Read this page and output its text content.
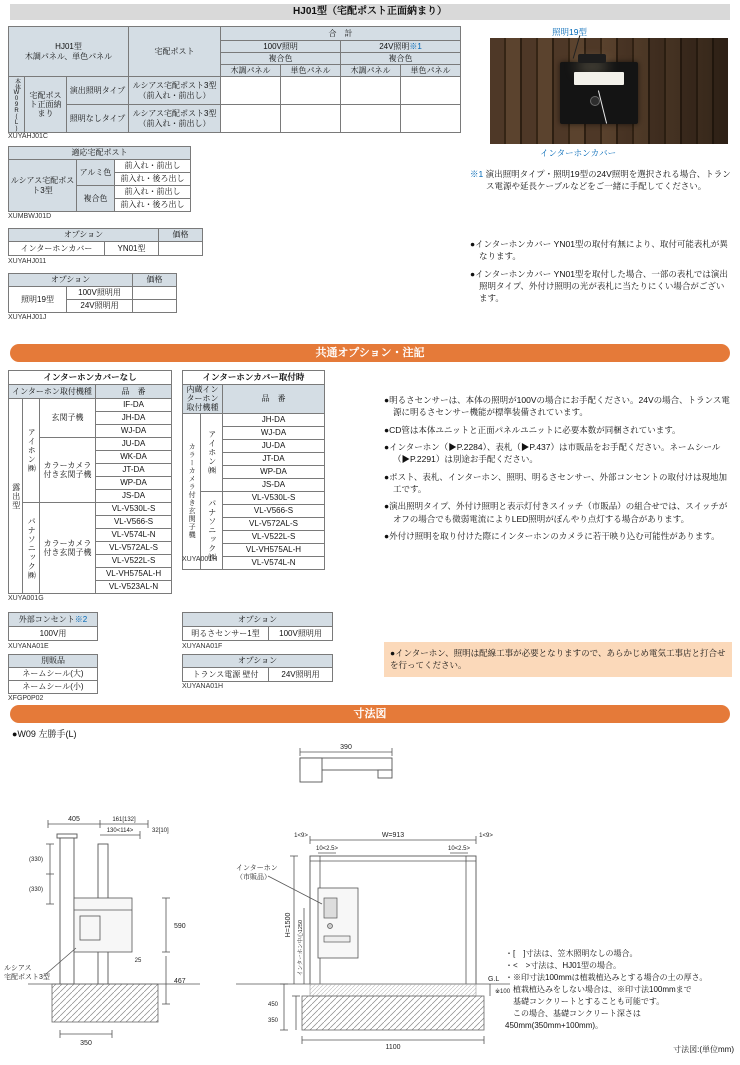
HJ01型（宅配ポスト正面納まり）
HJ01型
木調パネル、単色パネル			宅配ポスト	合　計			
				100V照明		24V照明※1	
				複合色		複合色	
				木調パネル	単色パネル	木調パネル	単色パネル

本体W09R(L)	宅配ポスト正面納まり	演出照明タイプ	ルシアス宅配ポスト3型（前入れ・前出し）				
		照明なしタイプ	ルシアス宅配ポスト3型（前入れ・前出し）				
XUYAHJ01C
適応宅配ポスト		
ルシアス宅配ポスト3型	アルミ色	前入れ・前出し
		前入れ・後ろ出し
	複合色	前入れ・前出し
		前入れ・後ろ出し
XUMBWJ01D
オプション		価格
インターホンカバー	YN01型	
XUYAHJ011
オプション		価格
照明19型	100V照明用	
	24V照明用	
XUYAHJ01J
照明19型
インターホンカバー
※1 演出照明タイプ・照明19型の24V照明を選択される場合、トランス電源や延長ケーブルなどをご一緒に手配してください。
●インターホンカバー YN01型の取付有無により、取付可能表札が異なります。
●インターホンカバー YN01型を取付した場合、一部の表札では演出照明タイプ、外付け照明の光が表札に当たりにくい場合がございます。
共通オプション・注記
インターホンカバーなし			
インターホン取付機種			品　番

露出型	アイホン㈱	玄関子機	IF-DA
			JH-DA
			WJ-DA
		カラーカメラ付き玄関子機	JU-DA
			WK-DA
			JT-DA
			WP-DA
			JS-DA

	パナソニック㈱	カラーカメラ付き玄関子機	VL-V530L-S
			VL-V566-S
			VL-V574L-N
			VL-V572AL-S
			VL-V522L-S
			VL-VH575AL-H
			VL-V523AL-N
XUYA001G
インターホンカバー取付時		
内蔵インターホン取付機種		品　番

カラーカメラ付き玄関子機	アイホン㈱	JH-DA
		WJ-DA
		JU-DA
		JT-DA
		WP-DA
		JS-DA

	パナソニック㈱	VL-V530L-S
		VL-V566-S
		VL-V572AL-S
		VL-V522L-S
		VL-VH575AL-H
		VL-V574L-N
XUYA001H
外部コンセント※2
100V用
XUYANA01E
オプション
明るさセンサー1型	100V照明用
XUYANA01F
別販品
ネームシール(大)
ネームシール(小)
XFGP0P02
オプション
トランス電源 壁付	24V照明用
XUYANA01H
●明るさセンサーは、本体の照明が100Vの場合にお手配ください。24Vの場合、トランス電源に明るさセンサー機能が標準装備されています。
●CD管は本体ユニットと正面パネルユニットに必要本数が同梱されています。
●インターホン（▶P.2284）、表札（▶P.437）は市販品をお手配ください。ネームシール（▶P.2291）は別途お手配ください。
●ポスト、表札、インターホン、照明、明るさセンサー、外部コンセントの取付けは現地加工です。
●演出照明タイプ、外付け照明と表示灯付きスイッチ（市販品）の組合せでは、スイッチがオフの場合でも微弱電流によりLED照明がぼんやり点灯する場合があります。
●外付け照明を取り付けた際にインターホンのカメラに若干映り込む可能性があります。
●インターホン、照明は配線工事が必要となりますので、あらかじめ電気工事店と打合せを行ってください。
寸法図
●W09 左勝手(L)
390
405	161[132]
130<114>	32[10]
(330)
(330)
590
25
467
350
ルシアス
宅配ポスト3型
1<9>	W=913	1<9>
10<2.5>	10<2.5>
インターホン
（市販品）
H=1500	インターホン中心1250
G.L
※100
450
350
1100
・[　]寸法は、笠木照明なしの場合。
・<　>寸法は、HJ01型の場合。
・※印寸法100mmは植栽植込みとする場合の土の厚さ。
　植栽植込みをしない場合は、※印寸法100mmまで
　基礎コンクリートとすることも可能です。
　この場合、基礎コンクリート深さは450mm(350mm+100mm)。
寸法図:(単位mm)
